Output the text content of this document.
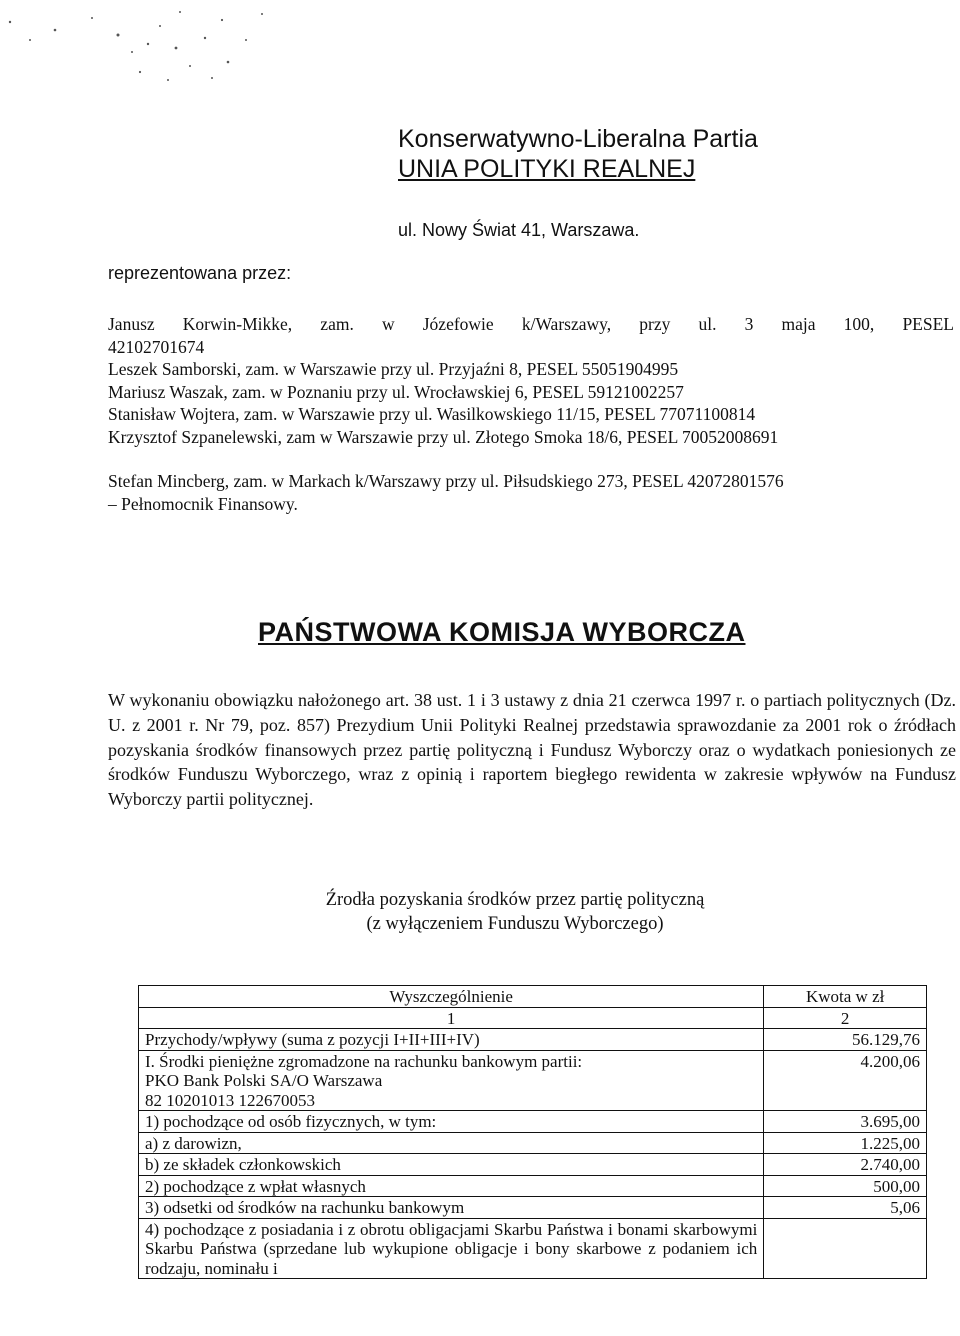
Konserwatywno-Liberalna Partia
UNIA POLITYKI REALNEJ
ul. Nowy Świat 41, Warszawa.
reprezentowana przez:
Janusz Korwin-Mikke, zam. w Józefowie k/Warszawy, przy ul. 3 maja 100, PESEL
42102701674
Leszek Samborski, zam. w Warszawie przy ul. Przyjaźni 8, PESEL 55051904995
Mariusz Waszak, zam. w Poznaniu przy ul. Wrocławskiej 6, PESEL 59121002257
Stanisław Wojtera, zam. w Warszawie przy ul. Wasilkowskiego 11/15, PESEL 77071100814
Krzysztof Szpanelewski, zam w Warszawie przy ul. Złotego Smoka 18/6, PESEL 70052008691
Stefan Mincberg, zam. w Markach k/Warszawy przy ul. Piłsudskiego 273, PESEL 42072801576
– Pełnomocnik Finansowy.
PAŃSTWOWA KOMISJA WYBORCZA
W wykonaniu obowiązku nałożonego art. 38 ust. 1 i 3 ustawy z dnia 21 czerwca 1997 r. o partiach politycznych (Dz. U. z 2001 r. Nr 79, poz. 857) Prezydium Unii Polityki Realnej przedstawia sprawozdanie za 2001 rok o źródłach pozyskania środków finansowych przez partię polityczną i Fundusz Wyborczy oraz o wydatkach poniesionych ze środków Funduszu Wyborczego, wraz z opinią i raportem biegłego rewidenta w zakresie wpływów na Fundusz Wyborczy partii politycznej.
Źrodła pozyskania środków przez partię polityczną
(z wyłączeniem Funduszu Wyborczego)
Wyszczególnienie	Kwota w zł
1	2
Przychody/wpływy (suma z pozycji I+II+III+IV)	56.129,76

I. Środki pieniężne zgromadzone na rachunku bankowym partii:
PKO Bank Polski SA/O Warszawa
82 10201013 122670053	4.200,06
1) pochodzące od osób fizycznych, w tym:	3.695,00
a) z darowizn,	1.225,00
b) ze składek członkowskich	2.740,00
2) pochodzące z wpłat własnych	500,00
3) odsetki od środków na rachunku bankowym	5,06
4) pochodzące z posiadania i z obrotu obligacjami Skarbu Państwa i bonami skarbowymi Skarbu Państwa (sprzedane lub wykupione obligacje i bony skarbowe z podaniem ich rodzaju, nominału i	
